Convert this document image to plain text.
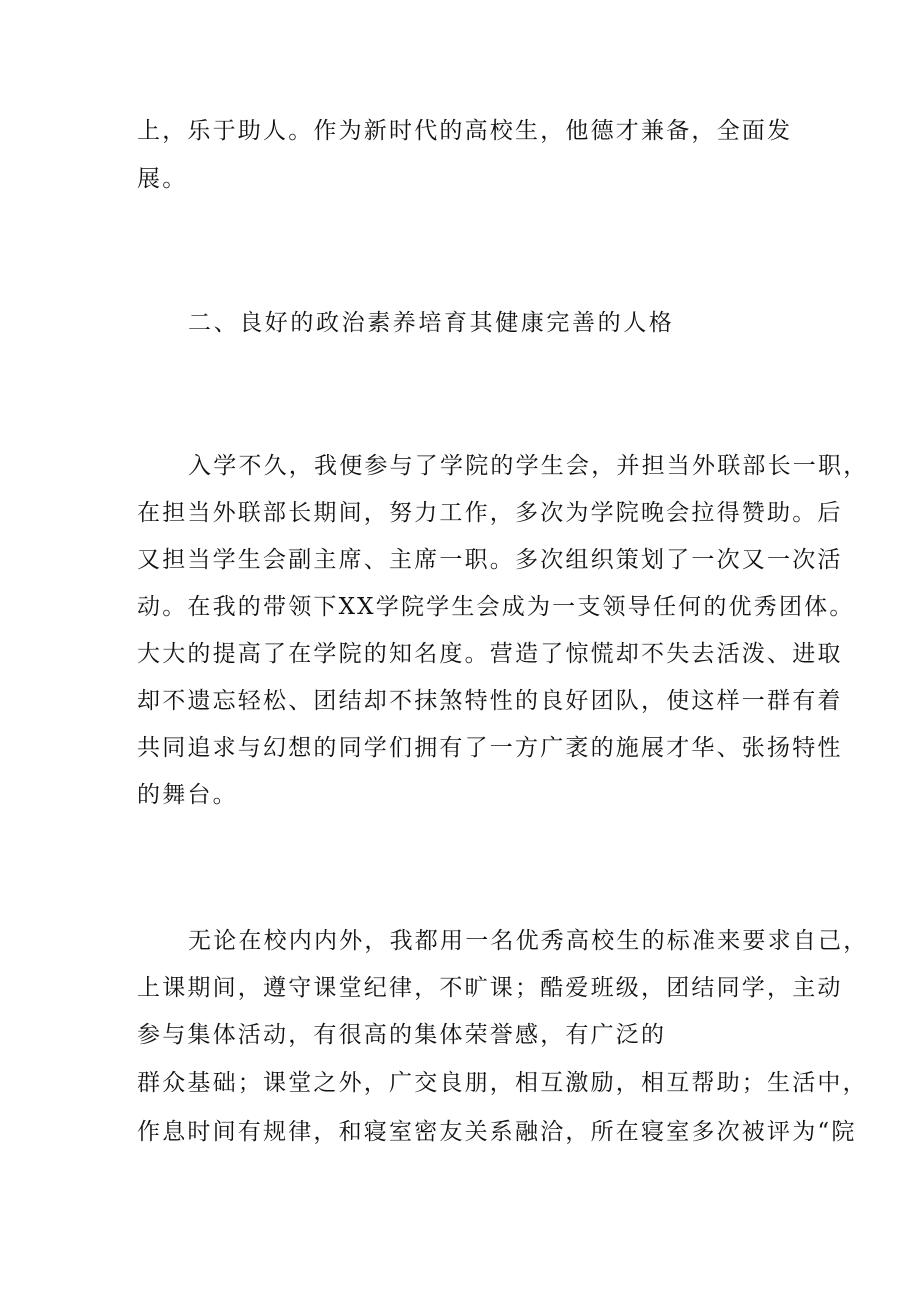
上，乐于助人。作为新时代的高校生，他德才兼备，全面发
展。
二、良好的政治素养培育其健康完善的人格
入学不久，我便参与了学院的学生会，并担当外联部长一职，
在担当外联部长期间，努力工作，多次为学院晚会拉得赞助。后
又担当学生会副主席、主席一职。多次组织策划了一次又一次活
动。在我的带领下XX学院学生会成为一支领导任何的优秀团体。
大大的提高了在学院的知名度。营造了惊慌却不失去活泼、进取
却不遗忘轻松、团结却不抹煞特性的良好团队，使这样一群有着
共同追求与幻想的同学们拥有了一方广袤的施展才华、张扬特性
的舞台。
无论在校内内外，我都用一名优秀高校生的标准来要求自己，
上课期间，遵守课堂纪律，不旷课；酷爱班级，团结同学，主动
参与集体活动，有很高的集体荣誉感，有广泛的
群众基础；课堂之外，广交良朋，相互激励，相互帮助；生活中，
作息时间有规律，和寝室密友关系融洽，所在寝室多次被评为“院
